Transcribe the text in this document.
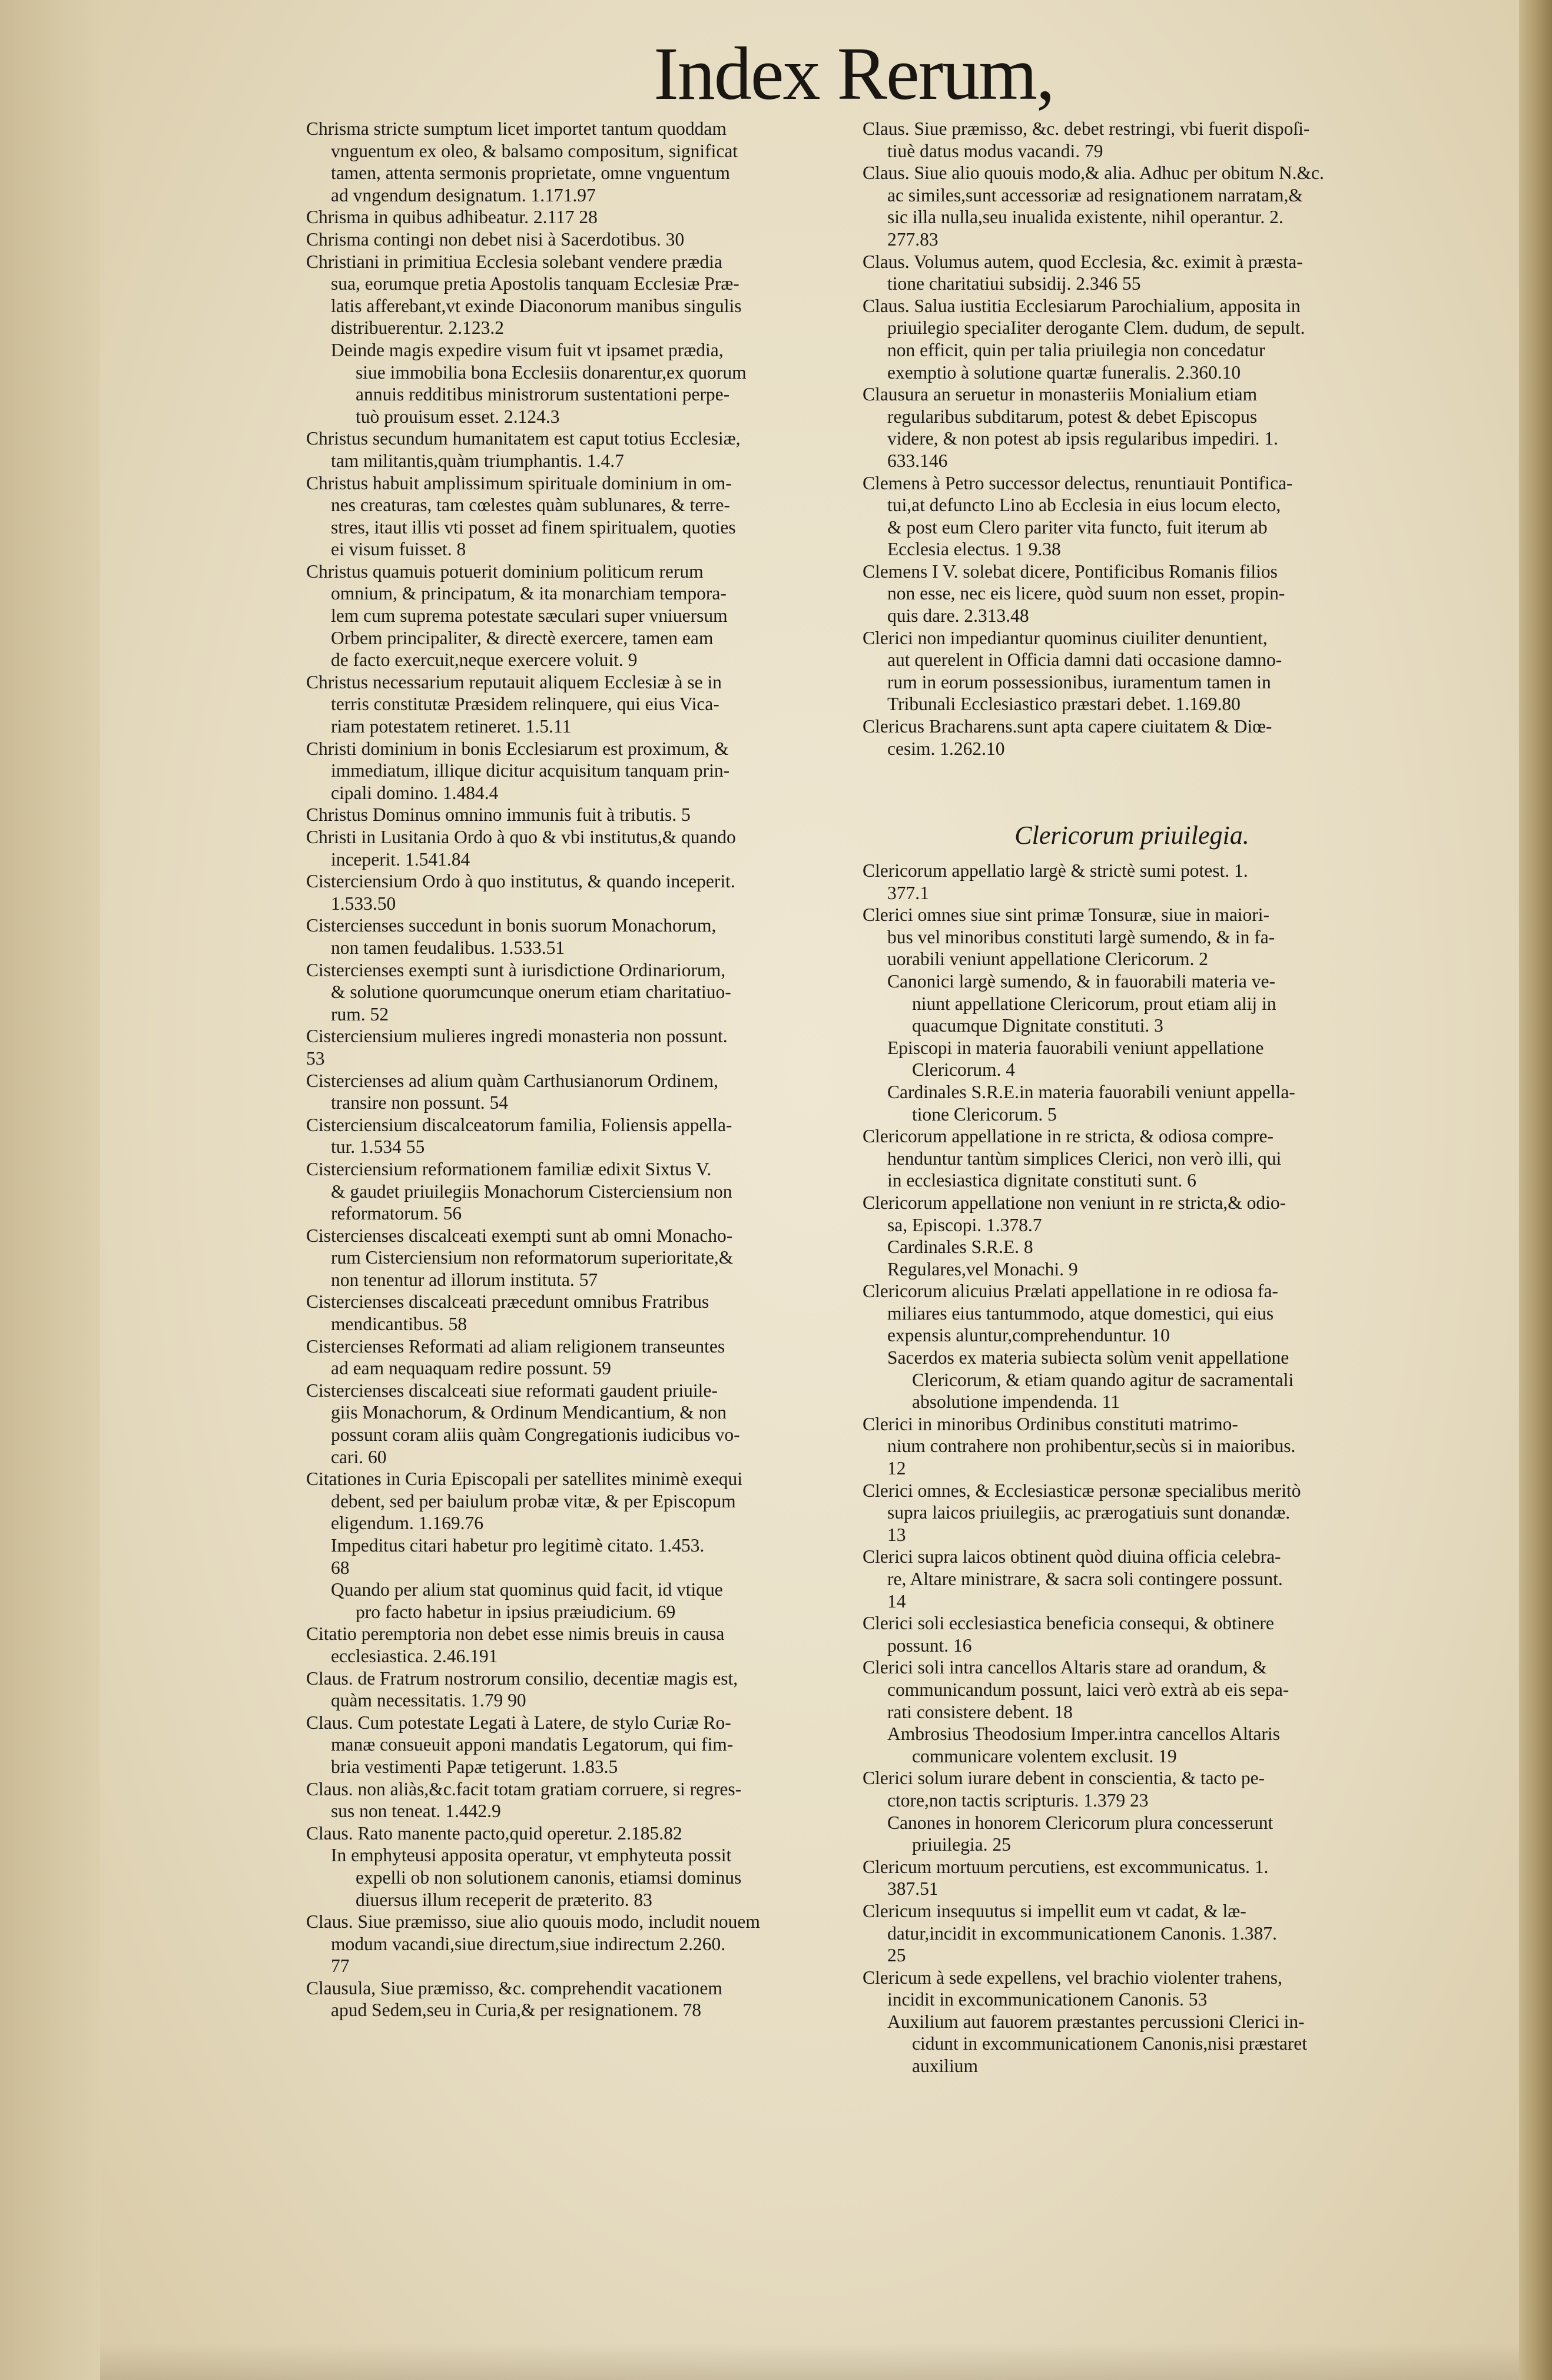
Index Rerum,
Chrisma stricte sumptum licet importet tantum quoddam
vnguentum ex oleo, & balsamo compositum, significat
tamen, attenta sermonis proprietate, omne vnguentum
ad vngendum designatum. 1.171.97
Chrisma in quibus adhibeatur. 2.117 28
Chrisma contingi non debet nisi à Sacerdotibus. 30
Christiani in primitiua Ecclesia solebant vendere prædia
sua, eorumque pretia Apostolis tanquam Ecclesiæ Præ-
latis afferebant,vt exinde Diaconorum manibus singulis
distribuerentur. 2.123.2
Deinde magis expedire visum fuit vt ipsamet prædia,
siue immobilia bona Ecclesiis donarentur,ex quorum
annuis redditibus ministrorum sustentationi perpe-
tuò prouisum esset. 2.124.3
Christus secundum humanitatem est caput totius Ecclesiæ,
tam militantis,quàm triumphantis. 1.4.7
Christus habuit amplissimum spirituale dominium in om-
nes creaturas, tam cœlestes quàm sublunares, & terre-
stres, itaut illis vti posset ad finem spiritualem, quoties
ei visum fuisset. 8
Christus quamuis potuerit dominium politicum rerum
omnium, & principatum, & ita monarchiam tempora-
lem cum suprema potestate sæculari super vniuersum
Orbem principaliter, & directè exercere, tamen eam
de facto exercuit,neque exercere voluit. 9
Christus necessarium reputauit aliquem Ecclesiæ à se in
terris constitutæ Præsidem relinquere, qui eius Vica-
riam potestatem retineret. 1.5.11
Christi dominium in bonis Ecclesiarum est proximum, &
immediatum, illique dicitur acquisitum tanquam prin-
cipali domino. 1.484.4
Christus Dominus omnino immunis fuit à tributis. 5
Christi in Lusitania Ordo à quo & vbi institutus,& quando
inceperit. 1.541.84
Cisterciensium Ordo à quo institutus, & quando inceperit.
1.533.50
Cistercienses succedunt in bonis suorum Monachorum,
non tamen feudalibus. 1.533.51
Cistercienses exempti sunt à iurisdictione Ordinariorum,
& solutione quorumcunque onerum etiam charitatiuo-
rum. 52
Cisterciensium mulieres ingredi monasteria non possunt.
53
Cistercienses ad alium quàm Carthusianorum Ordinem,
transire non possunt. 54
Cisterciensium discalceatorum familia, Foliensis appella-
tur. 1.534 55
Cisterciensium reformationem familiæ edixit Sixtus V.
& gaudet priuilegiis Monachorum Cisterciensium non
reformatorum. 56
Cistercienses discalceati exempti sunt ab omni Monacho-
rum Cisterciensium non reformatorum superioritate,&
non tenentur ad illorum instituta. 57
Cistercienses discalceati præcedunt omnibus Fratribus
mendicantibus. 58
Cistercienses Reformati ad aliam religionem transeuntes
ad eam nequaquam redire possunt. 59
Cistercienses discalceati siue reformati gaudent priuile-
giis Monachorum, & Ordinum Mendicantium, & non
possunt coram aliis quàm Congregationis iudicibus vo-
cari. 60
Citationes in Curia Episcopali per satellites minimè exequi
debent, sed per baiulum probæ vitæ, & per Episcopum
eligendum. 1.169.76
Impeditus citari habetur pro legitimè citato. 1.453.
68
Quando per alium stat quominus quid facit, id vtique
pro facto habetur in ipsius præiudicium. 69
Citatio peremptoria non debet esse nimis breuis in causa
ecclesiastica. 2.46.191
Claus. de Fratrum nostrorum consilio, decentiæ magis est,
quàm necessitatis. 1.79 90
Claus. Cum potestate Legati à Latere, de stylo Curiæ Ro-
manæ consueuit apponi mandatis Legatorum, qui fim-
bria vestimenti Papæ tetigerunt. 1.83.5
Claus. non aliàs,&c.facit totam gratiam corruere, si regres-
sus non teneat. 1.442.9
Claus. Rato manente pacto,quid operetur. 2.185.82
In emphyteusi apposita operatur, vt emphyteuta possit
expelli ob non solutionem canonis, etiamsi dominus
diuersus illum receperit de præterito. 83
Claus. Siue præmisso, siue alio quouis modo, includit nouem
modum vacandi,siue directum,siue indirectum 2.260.
77
Clausula, Siue præmisso, &c. comprehendit vacationem
apud Sedem,seu in Curia,& per resignationem. 78
Claus. Siue præmisso, &c. debet restringi, vbi fuerit dispoſi-
tiuè datus modus vacandi. 79
Claus. Siue alio quouis modo,& alia. Adhuc per obitum N.&c.
ac similes,sunt accessoriæ ad resignationem narratam,&
sic illa nulla,seu inualida existente, nihil operantur. 2.
277.83
Claus. Volumus autem, quod Ecclesia, &c. eximit à præsta-
tione charitatiui subsidij. 2.346 55
Claus. Salua iustitia Ecclesiarum Parochialium, apposita in
priuilegio speciaIiter derogante Clem. dudum, de sepult.
non efficit, quin per talia priuilegia non concedatur
exemptio à solutione quartæ funeralis. 2.360.10
Clausura an seruetur in monasteriis Monialium etiam
regularibus subditarum, potest & debet Episcopus
videre, & non potest ab ipsis regularibus impediri. 1.
633.146
Clemens à Petro successor delectus, renuntiauit Pontifica-
tui,at defuncto Lino ab Ecclesia in eius locum electo,
& post eum Clero pariter vita functo, fuit iterum ab
Ecclesia electus. 1 9.38
Clemens I V. solebat dicere, Pontificibus Romanis filios
non esse, nec eis licere, quòd suum non esset, propin-
quis dare. 2.313.48
Clerici non impediantur quominus ciuiliter denuntient,
aut querelent in Officia damni dati occasione damno-
rum in eorum possessionibus, iuramentum tamen in
Tribunali Ecclesiastico præstari debet. 1.169.80
Clericus Bracharens.sunt apta capere ciuitatem & Diœ-
cesim. 1.262.10
Clericorum priuilegia.
Clericorum appellatio largè & strictè sumi potest. 1.
377.1
Clerici omnes siue sint primæ Tonsuræ, siue in maiori-
bus vel minoribus constituti largè sumendo, & in fa-
uorabili veniunt appellatione Clericorum. 2
Canonici largè sumendo, & in fauorabili materia ve-
niunt appellatione Clericorum, prout etiam alij in
quacumque Dignitate constituti. 3
Episcopi in materia fauorabili veniunt appellatione
Clericorum. 4
Cardinales S.R.E.in materia fauorabili veniunt appella-
tione Clericorum. 5
Clericorum appellatione in re stricta, & odiosa compre-
henduntur tantùm simplices Clerici, non verò illi, qui
in ecclesiastica dignitate constituti sunt. 6
Clericorum appellatione non veniunt in re stricta,& odio-
sa, Episcopi. 1.378.7
Cardinales S.R.E. 8
Regulares,vel Monachi. 9
Clericorum alicuius Prælati appellatione in re odiosa fa-
miliares eius tantummodo, atque domestici, qui eius
expensis aluntur,comprehenduntur. 10
Sacerdos ex materia subiecta solùm venit appellatione
Clericorum, & etiam quando agitur de sacramentali
absolutione impendenda. 11
Clerici in minoribus Ordinibus constituti matrimo-
nium contrahere non prohibentur,secùs si in maioribus.
12
Clerici omnes, & Ecclesiasticæ personæ specialibus meritò
supra laicos priuilegiis, ac prærogatiuis sunt donandæ.
13
Clerici supra laicos obtinent quòd diuina officia celebra-
re, Altare ministrare, & sacra soli contingere possunt.
14
Clerici soli ecclesiastica beneficia consequi, & obtinere
possunt. 16
Clerici soli intra cancellos Altaris stare ad orandum, &
communicandum possunt, laici verò extrà ab eis sepa-
rati consistere debent. 18
Ambrosius Theodosium Imper.intra cancellos Altaris
communicare volentem exclusit. 19
Clerici solum iurare debent in conscientia, & tacto pe-
ctore,non tactis scripturis. 1.379 23
Canones in honorem Clericorum plura concesserunt
priuilegia. 25
Clericum mortuum percutiens, est excommunicatus. 1.
387.51
Clericum insequutus si impellit eum vt cadat, & læ-
datur,incidit in excommunicationem Canonis. 1.387.
25
Clericum à sede expellens, vel brachio violenter trahens,
incidit in excommunicationem Canonis. 53
Auxilium aut fauorem præstantes percussioni Clerici in-
cidunt in excommunicationem Canonis,nisi præstaret
auxilium
